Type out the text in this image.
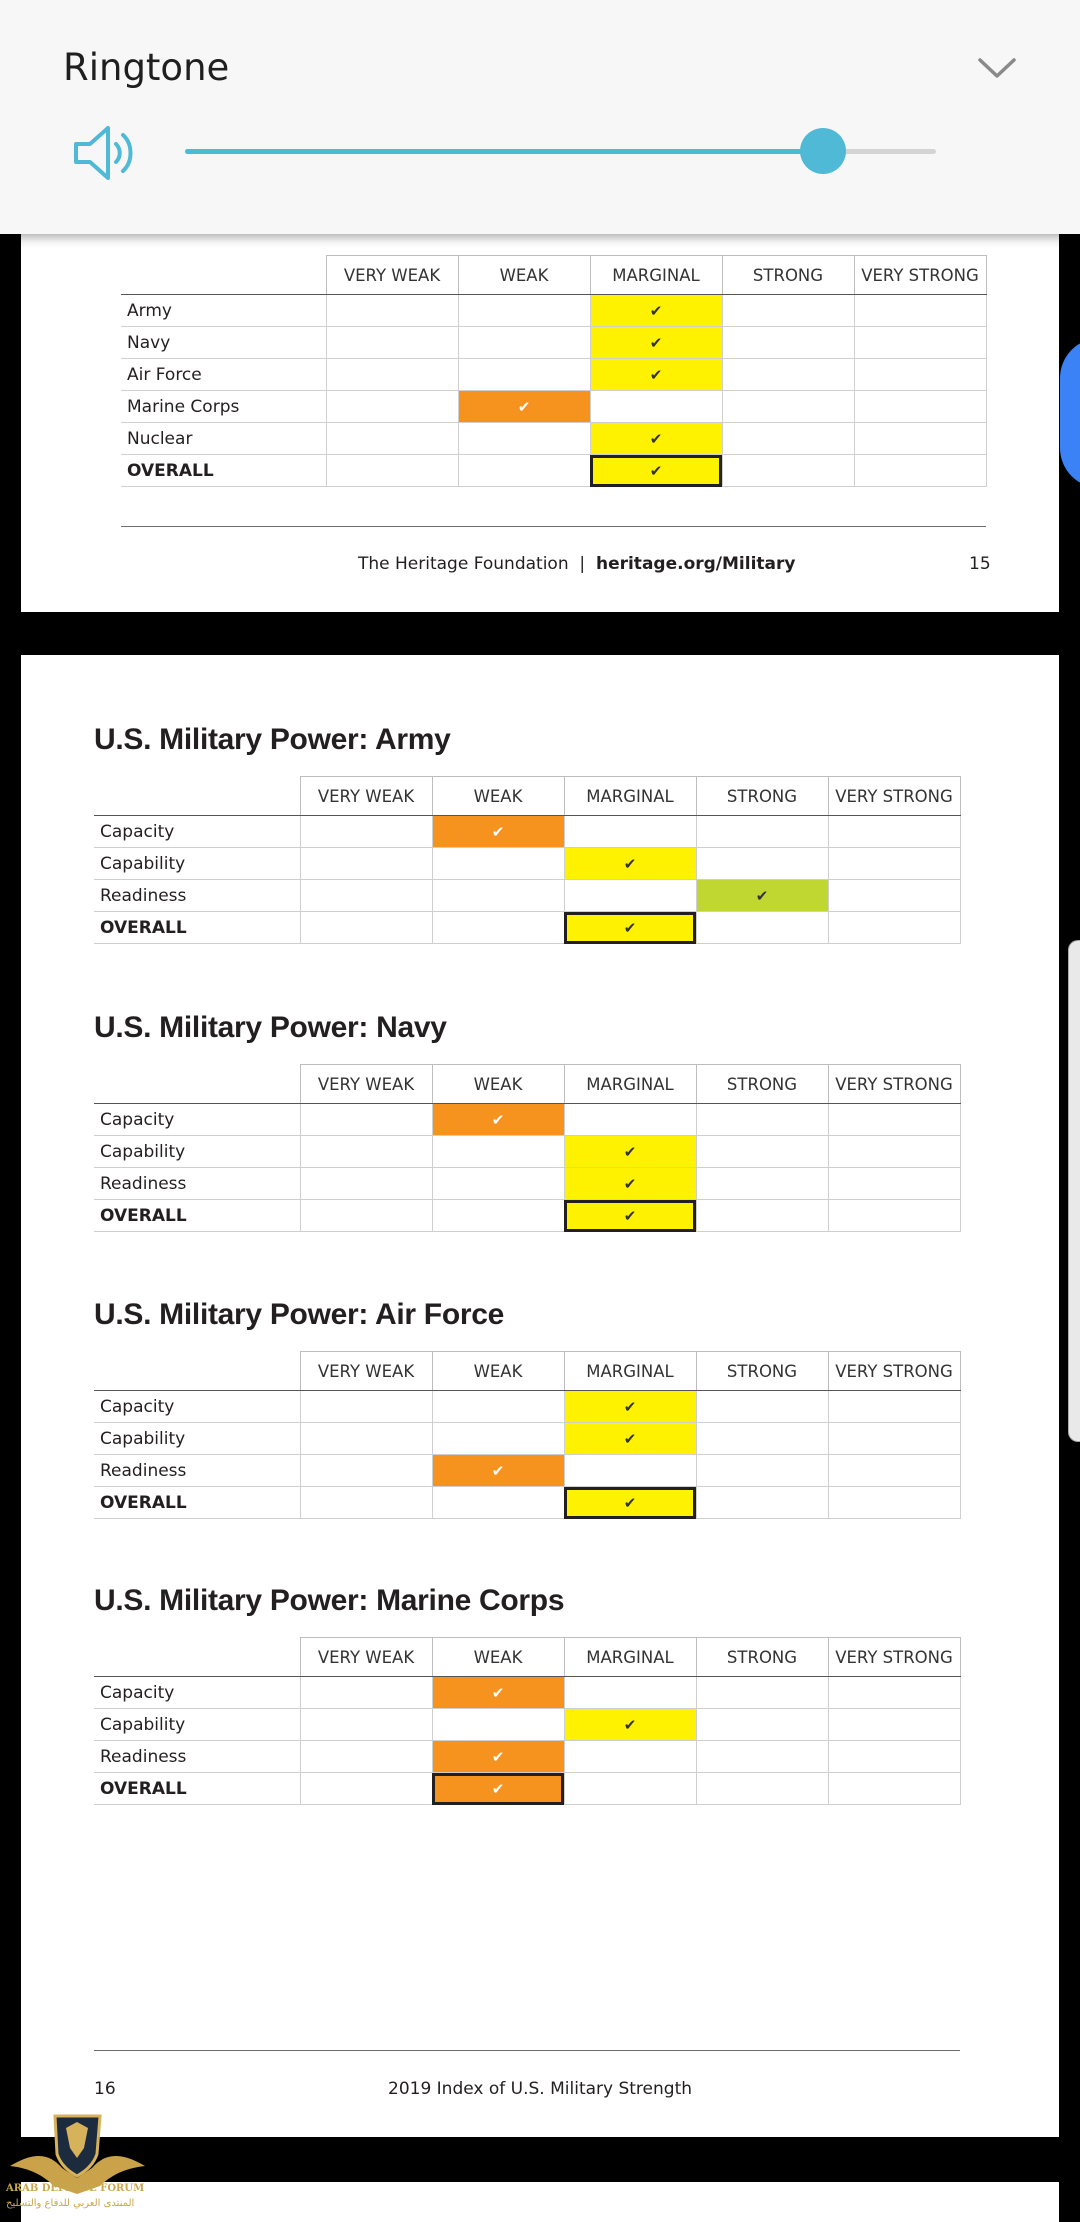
	VERY WEAK	WEAK	MARGINAL	STRONG	VERY STRONG
Army			✔		
Navy			✔		
Air Force			✔		
Marine Corps		✔			
Nuclear			✔		
OVERALL			✔		
The Heritage Foundation | heritage.org/Military	15
U.S. Military Power: Army
	VERY WEAK	WEAK	MARGINAL	STRONG	VERY STRONG
Capacity		✔			
Capability			✔		
Readiness				✔	
OVERALL			✔		
U.S. Military Power: Navy
	VERY WEAK	WEAK	MARGINAL	STRONG	VERY STRONG
Capacity		✔			
Capability			✔		
Readiness			✔		
OVERALL			✔		
U.S. Military Power: Air Force
	VERY WEAK	WEAK	MARGINAL	STRONG	VERY STRONG
Capacity			✔		
Capability			✔		
Readiness		✔			
OVERALL			✔		
U.S. Military Power: Marine Corps
	VERY WEAK	WEAK	MARGINAL	STRONG	VERY STRONG
Capacity		✔			
Capability			✔		
Readiness		✔			
OVERALL		✔			
16	2019 Index of U.S. Military Strength
ARAB DEFENSE FORUM
المنتدى العربي للدفاع والتسليح
Ringtone
